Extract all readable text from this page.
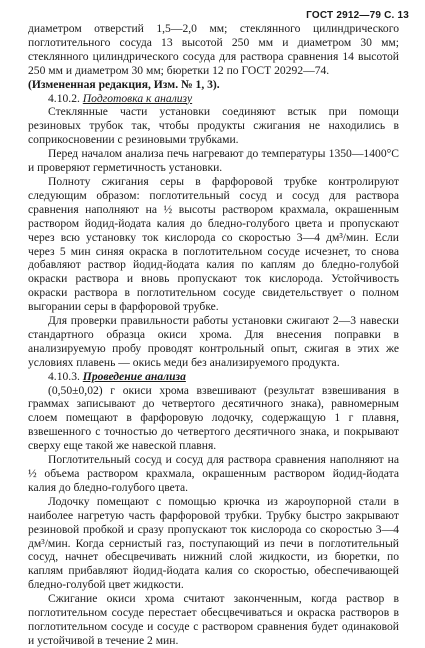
ГОСТ 2912—79 С. 13

диаметром отверстий 1,5—2,0 мм; стеклянного цилиндрического поглотительного сосуда 13 высотой 250 мм и диаметром 30 мм; стеклянного цилиндрического сосуда для раствора сравнения 14 высотой 250 мм и диаметром 30 мм; бюретки 12 по ГОСТ 20292—74.

(Измененная редакция, Изм. № 1, 3).

4.10.2. Подготовка к анализу

Стеклянные части установки соединяют встык при помощи резиновых трубок так, чтобы продукты сжигания не находились в соприкосновении с резиновыми трубками.

Перед началом анализа печь нагревают до температуры 1350—1400°С и проверяют герметичность установки.

Полноту сжигания серы в фарфоровой трубке контролируют следующим образом: поглотительный сосуд и сосуд для раствора сравнения наполняют на ½ высоты раствором крахмала, окрашенным раствором йодид-йодата калия до бледно-голубого цвета и пропускают через всю установку ток кислорода со скоростью 3—4 дм³/мин. Если через 5 мин синяя окраска в поглотительном сосуде исчезнет, то снова добавляют раствор йодид-йодата калия по каплям до бледно-голубой окраски раствора и вновь пропускают ток кислорода. Устойчивость окраски раствора в поглотительном сосуде свидетельствует о полном выгорании серы в фарфоровой трубке.

Для проверки правильности работы установки сжигают 2—3 навески стандартного образца окиси хрома. Для внесения поправки в анализируемую пробу проводят контрольный опыт, сжигая в этих же условиях плавень — окись меди без анализируемого продукта.

4.10.3. Проведение анализа

(0,50±0,02) г окиси хрома взвешивают (результат взвешивания в граммах записывают до четвертого десятичного знака), равномерным слоем помещают в фарфоровую лодочку, содержащую 1 г плавня, взвешенного с точностью до четвертого десятичного знака, и покрывают сверху еще такой же навеской плавня.

Поглотительный сосуд и сосуд для раствора сравнения наполняют на ½ объема раствором крахмала, окрашенным раствором йодид-йодата калия до бледно-голубого цвета.

Лодочку помещают с помощью крючка из жароупорной стали в наиболее нагретую часть фарфоровой трубки. Трубку быстро закрывают резиновой пробкой и сразу пропускают ток кислорода со скоростью 3—4 дм³/мин. Когда сернистый газ, поступающий из печи в поглотительный сосуд, начнет обесцвечивать нижний слой жидкости, из бюретки, по каплям прибавляют йодид-йодата калия со скоростью, обеспечивающей бледно-голубой цвет жидкости.

Сжигание окиси хрома считают законченным, когда раствор в поглотительном сосуде перестает обесцвечиваться и окраска растворов в поглотительном сосуде и сосуде с раствором сравнения будет одинаковой и устойчивой в течение 2 мин.
